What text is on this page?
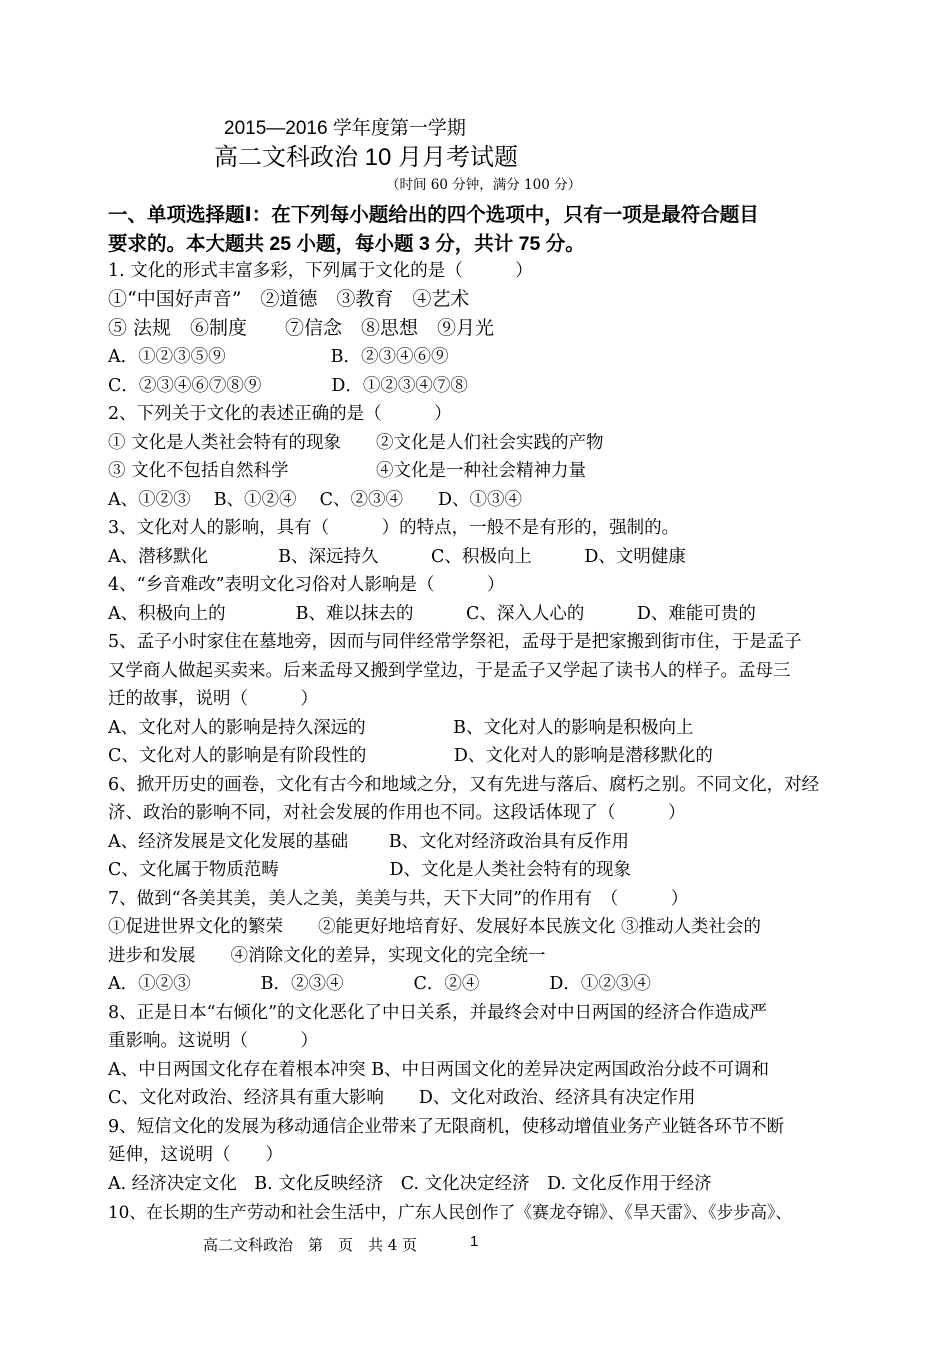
2015—2016 学年度第一学期
高二文科政治 10 月月考试题
（时间 60 分钟，满分 100 分）
一、单项选择题Ⅰ：在下列每小题给出的四个选项中，只有一项是最符合题目
要求的。本大题共 25 小题，每小题 3 分，共计 75 分。
1. 文化的形式丰富多彩，下列属于文化的是（　　　）
①“中国好声音”　②道德　③教育　④艺术
⑤ 法规　⑥制度　　⑦信念　⑧思想　⑨月光
A．①②③⑤⑨　　　　　　B．②③④⑥⑨
C．②③④⑥⑦⑧⑨　　　　D．①②③④⑦⑧
2、下列关于文化的表述正确的是（　　　）
① 文化是人类社会特有的现象　　②文化是人们社会实践的产物
③ 文化不包括自然科学　　　　　④文化是一种社会精神力量
A、①②③　 B、①②④　 C、②③④　　D、①③④
3、文化对人的影响，具有（　　　）的特点，一般不是有形的，强制的。
A、潜移默化　　　　B、深远持久　　　C、积极向上　　　D、文明健康
4、“乡音难改”表明文化习俗对人影响是（　　　）
A、积极向上的　　　　B、难以抹去的　　　C、深入人心的　　　D、难能可贵的
5、孟子小时家住在墓地旁，因而与同伴经常学祭祀，孟母于是把家搬到街市住，于是孟子
又学商人做起买卖来。后来孟母又搬到学堂边，于是孟子又学起了读书人的样子。孟母三
迁的故事，说明（　　　）
A、文化对人的影响是持久深远的　　　　　B、文化对人的影响是积极向上
C、文化对人的影响是有阶段性的　　　　　D、文化对人的影响是潜移默化的
6、掀开历史的画卷，文化有古今和地域之分，又有先进与落后、腐朽之别。不同文化，对经
济、政治的影响不同，对社会发展的作用也不同。这段话体现了（　　　）
A、经济发展是文化发展的基础　　 B、文化对经济政治具有反作用
C、文化属于物质范畴　　　　　　 D、文化是人类社会特有的现象
7、做到“各美其美，美人之美，美美与共，天下大同”的作用有　（　　　）
①促进世界文化的繁荣　　②能更好地培育好、发展好本民族文化 ③推动人类社会的
进步和发展　　④消除文化的差异，实现文化的完全统一
A．①②③　　　　B．②③④　　　　C．②④　　　　D．①②③④
8、正是日本“右倾化”的文化恶化了中日关系，并最终会对中日两国的经济合作造成严
重影响。这说明（　　　）
A、中日两国文化存在着根本冲突 B、中日两国文化的差异决定两国政治分歧不可调和
C、文化对政治、经济具有重大影响　　D、文化对政治、经济具有决定作用
9、短信文化的发展为移动通信企业带来了无限商机，使移动增值业务产业链各环节不断
延伸，这说明（　　）
A. 经济决定文化　B. 文化反映经济　C. 文化决定经济　D. 文化反作用于经济
10、在长期的生产劳动和社会生活中，广东人民创作了《赛龙夺锦》、《旱天雷》、《步步高》、
高二文科政治　第　页　共 4 页	1
